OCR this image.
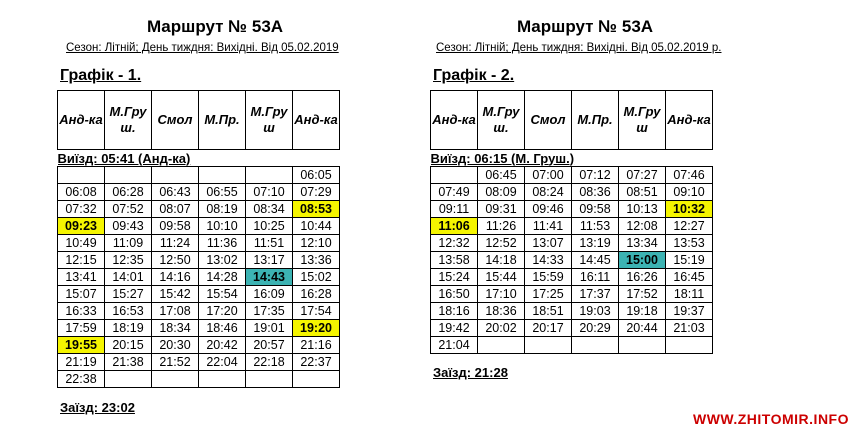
Маршрут № 53А
Сезон: Літній; День тиждня: Вихідні. Від 05.02.2019
Графік - 1.
Анд-ка	М.Груш.	Смол	М.Пр.	М.Груш	Анд-ка
Виїзд: 05:41 (Анд-ка)					
					06:05
06:08	06:28	06:43	06:55	07:10	07:29
07:32	07:52	08:07	08:19	08:34	08:53
09:23	09:43	09:58	10:10	10:25	10:44
10:49	11:09	11:24	11:36	11:51	12:10
12:15	12:35	12:50	13:02	13:17	13:36
13:41	14:01	14:16	14:28	14:43	15:02
15:07	15:27	15:42	15:54	16:09	16:28
16:33	16:53	17:08	17:20	17:35	17:54
17:59	18:19	18:34	18:46	19:01	19:20
19:55	20:15	20:30	20:42	20:57	21:16
21:19	21:38	21:52	22:04	22:18	22:37
22:38					
Заїзд: 23:02
Маршрут № 53А
Сезон: Літній; День тиждня: Вихідні. Від 05.02.2019 р.
Графік - 2.
Анд-ка	М.Груш.	Смол	М.Пр.	М.Груш	Анд-ка
Виїзд: 06:15 (М. Груш.)					
	06:45	07:00	07:12	07:27	07:46
07:49	08:09	08:24	08:36	08:51	09:10
09:11	09:31	09:46	09:58	10:13	10:32
11:06	11:26	11:41	11:53	12:08	12:27
12:32	12:52	13:07	13:19	13:34	13:53
13:58	14:18	14:33	14:45	15:00	15:19
15:24	15:44	15:59	16:11	16:26	16:45
16:50	17:10	17:25	17:37	17:52	18:11
18:16	18:36	18:51	19:03	19:18	19:37
19:42	20:02	20:17	20:29	20:44	21:03
21:04					
Заїзд: 21:28
WWW.ZHITOMIR.INFO
